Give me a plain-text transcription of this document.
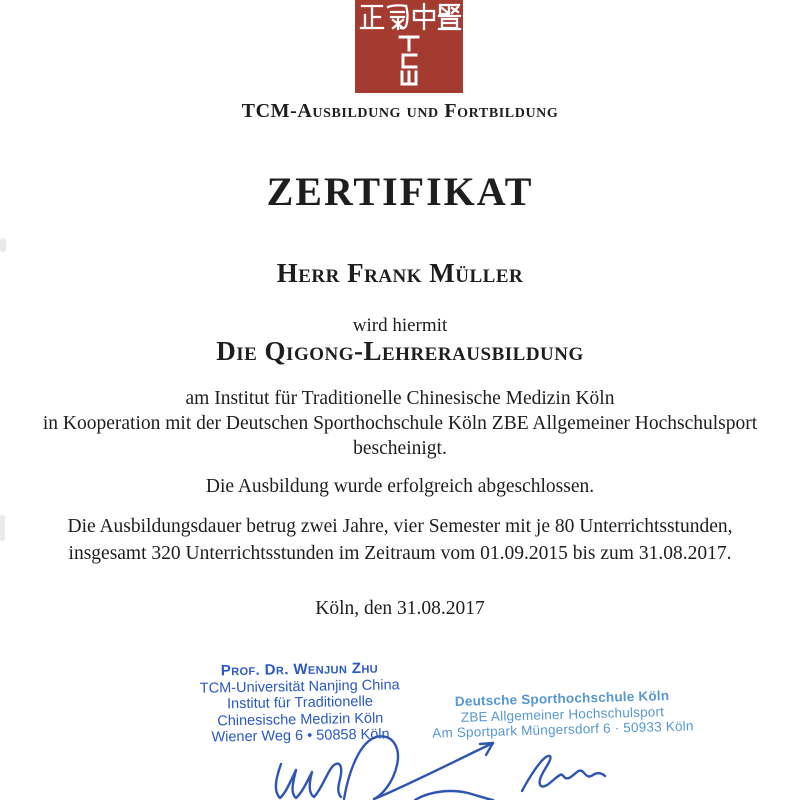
TCM-Ausbildung und Fortbildung
ZERTIFIKAT
Herr Frank Müller
wird hiermit
Die Qigong-Lehrerausbildung
am Institut für Traditionelle Chinesische Medizin Köln
in Kooperation mit der Deutschen Sporthochschule Köln ZBE Allgemeiner Hochschulsport
bescheinigt.
Die Ausbildung wurde erfolgreich abgeschlossen.
Die Ausbildungsdauer betrug zwei Jahre, vier Semester mit je 80 Unterrichtsstunden,
insgesamt 320 Unterrichtsstunden im Zeitraum vom 01.09.2015 bis zum 31.08.2017.
Köln, den 31.08.2017
Prof. Dr. Wenjun Zhu
TCM-Universität Nanjing China
Institut für Traditionelle
Chinesische Medizin Köln
Wiener Weg 6 • 50858 Köln
Deutsche Sporthochschule Köln
ZBE Allgemeiner Hochschulsport
Am Sportpark Müngersdorf 6 · 50933 Köln
